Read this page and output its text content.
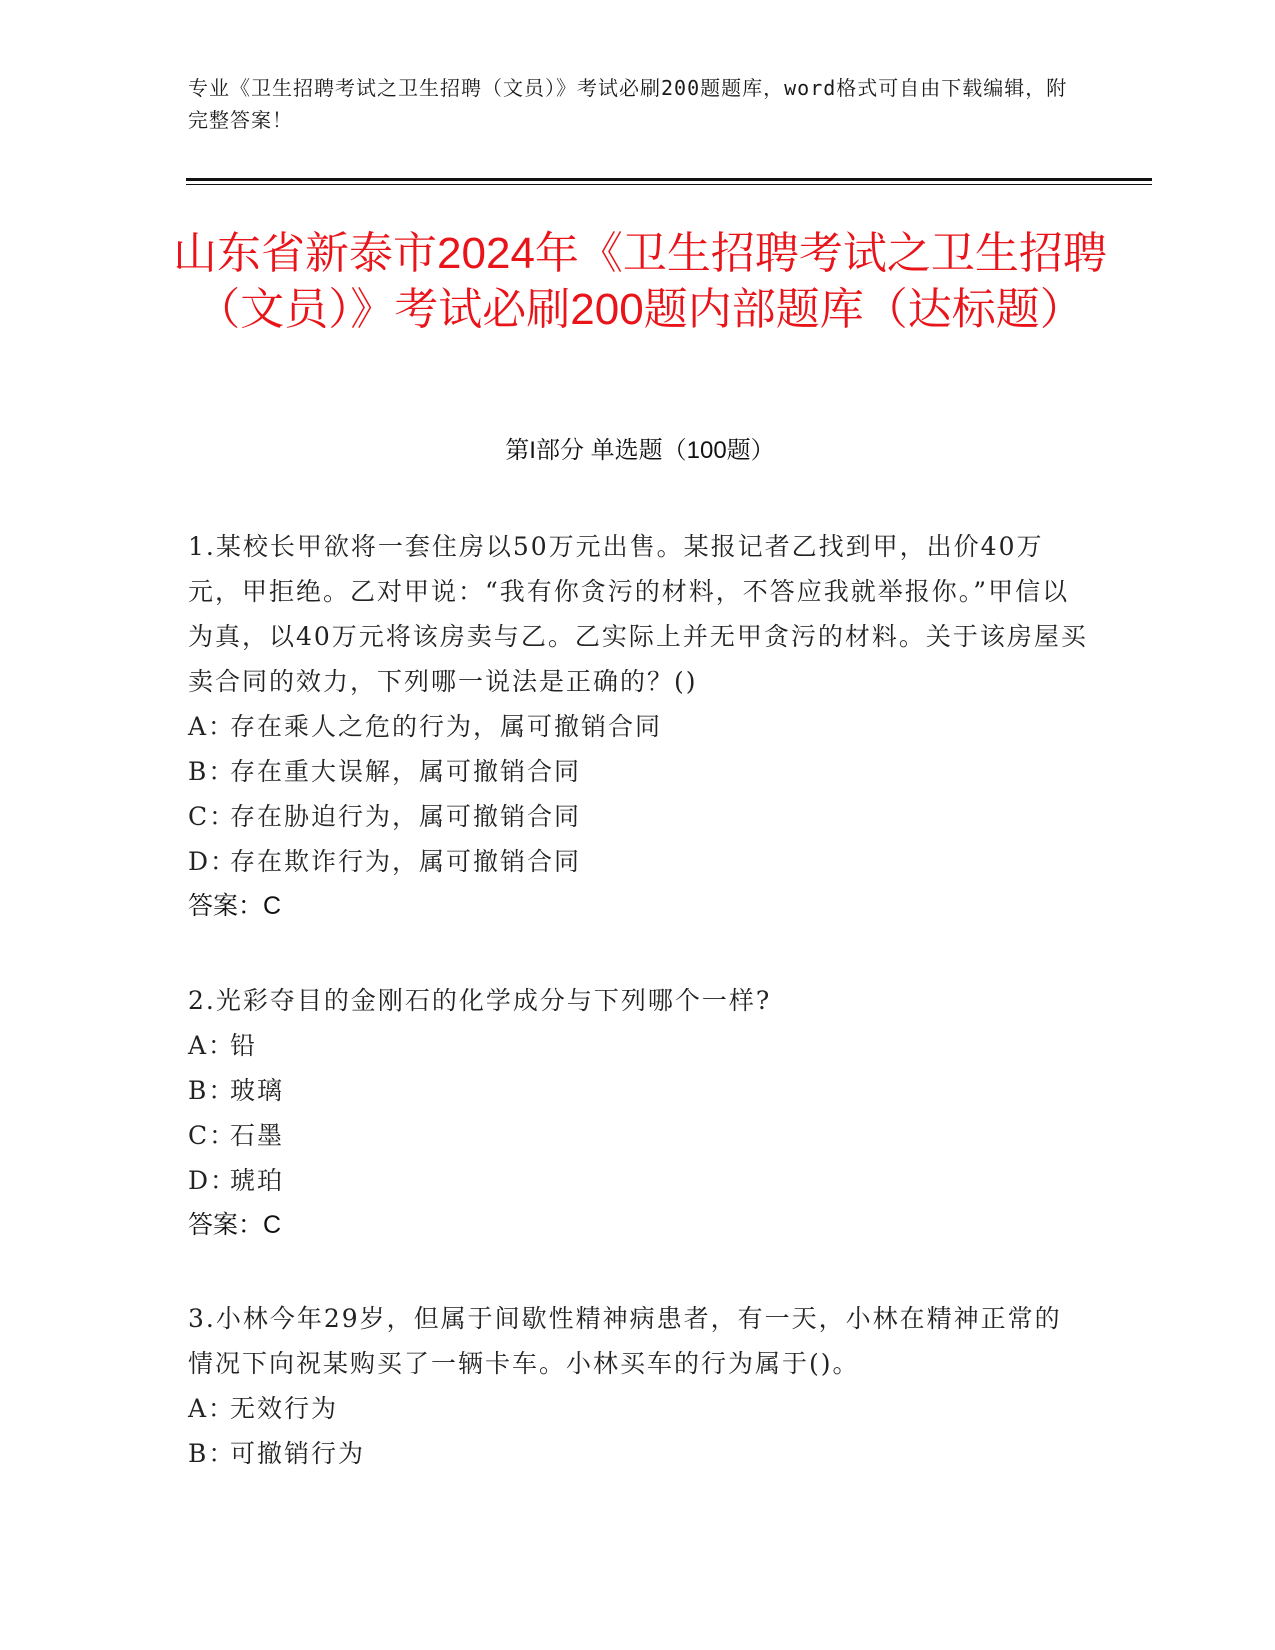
专业《卫生招聘考试之卫生招聘（文员）》考试必刷200题题库，word格式可自由下载编辑，附完整答案！
山东省新泰市2024年《卫生招聘考试之卫生招聘（文员）》考试必刷200题内部题库（达标题）
第I部分 单选题（100题）

1.某校长甲欲将一套住房以50万元出售。某报记者乙找到甲，出价40万元，甲拒绝。乙对甲说：“我有你贪污的材料，不答应我就举报你。”甲信以为真，以40万元将该房卖与乙。乙实际上并无甲贪污的材料。关于该房屋买卖合同的效力，下列哪一说法是正确的？()

A：
存在乘人之危的行为，属可撤销合同
B：
存在重大误解，属可撤销合同
C：
存在胁迫行为，属可撤销合同
D：
存在欺诈行为，属可撤销合同

答案：C

2.光彩夺目的金刚石的化学成分与下列哪个一样?

A：
铅
B：
玻璃
C：
石墨
D：
琥珀

答案：C

3.小林今年29岁，但属于间歇性精神病患者，有一天，小林在精神正常的情况下向祝某购买了一辆卡车。小林买车的行为属于()。

A：
无效行为
B：
可撤销行为
